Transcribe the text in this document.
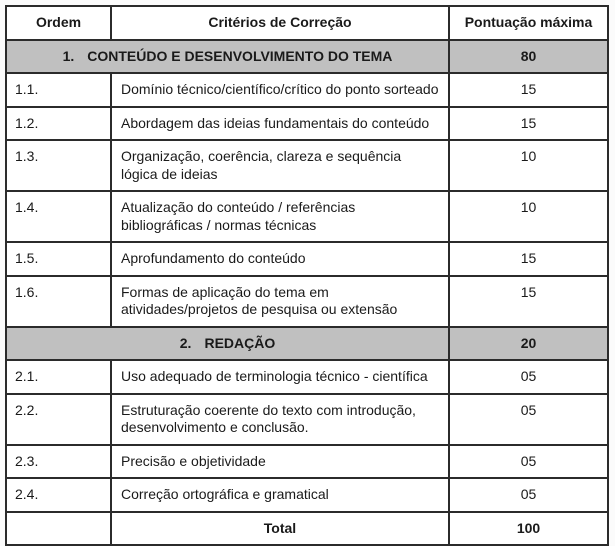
Ordem	Critérios de Correção	Pontuação máxima
1. CONTEÚDO E DESENVOLVIMENTO DO TEMA		80
1.1.	Domínio técnico/científico/crítico do ponto sorteado	15
1.2.	Abordagem das ideias fundamentais do conteúdo	15
1.3.	Organização, coerência, clareza e sequência lógica de ideias	10
1.4.	Atualização do conteúdo / referências bibliográficas / normas técnicas	10
1.5.	Aprofundamento do conteúdo	15
1.6.	Formas de aplicação do tema em atividades/projetos de pesquisa ou extensão	15
2. REDAÇÃO		20
2.1.	Uso adequado de terminologia técnico - científica	05
2.2.	Estruturação coerente do texto com introdução, desenvolvimento e conclusão.	05
2.3.	Precisão e objetividade	05
2.4.	Correção ortográfica e gramatical	05
	Total	100
